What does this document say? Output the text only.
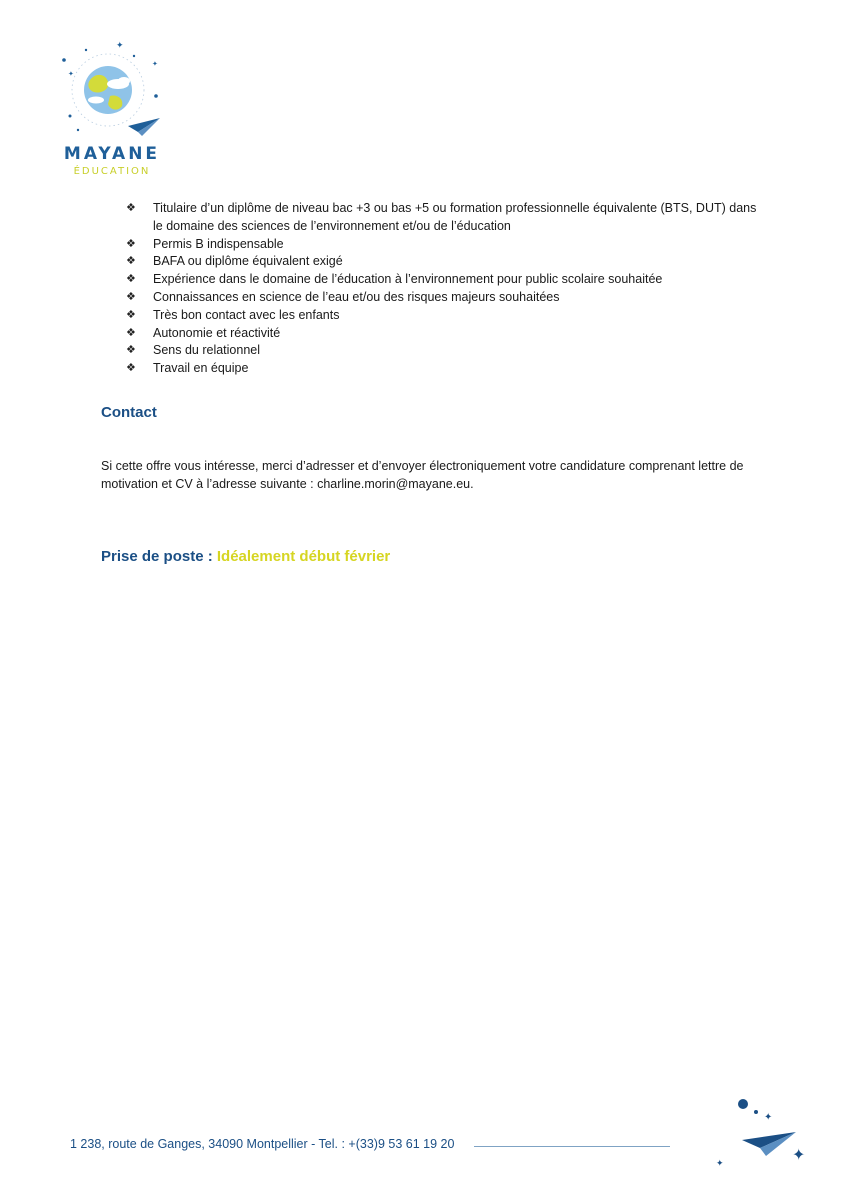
✦
✦
✦
MAYANE
ÉDUCATION
❖ Titulaire d’un diplôme de niveau bac +3 ou bas +5 ou formation professionnelle équivalente (BTS, DUT) dans le domaine des sciences de l’environnement et/ou de l’éducation
❖ Permis B indispensable
❖ BAFA ou diplôme équivalent exigé
❖ Expérience dans le domaine de l’éducation à l’environnement pour public scolaire souhaitée
❖ Connaissances en science de l’eau et/ou des risques majeurs souhaitées
❖ Très bon contact avec les enfants
❖ Autonomie et réactivité
❖ Sens du relationnel
❖ Travail en équipe
Contact

Si cette offre vous intéresse, merci d’adresser et d’envoyer électroniquement votre candidature comprenant lettre de motivation et CV à l’adresse suivante : charline.morin@mayane.eu.

Prise de poste : Idéalement début février
1 238, route de Ganges, 34090 Montpellier - Tel. : +(33)9 53 61 19 20
✦
✦
✦
